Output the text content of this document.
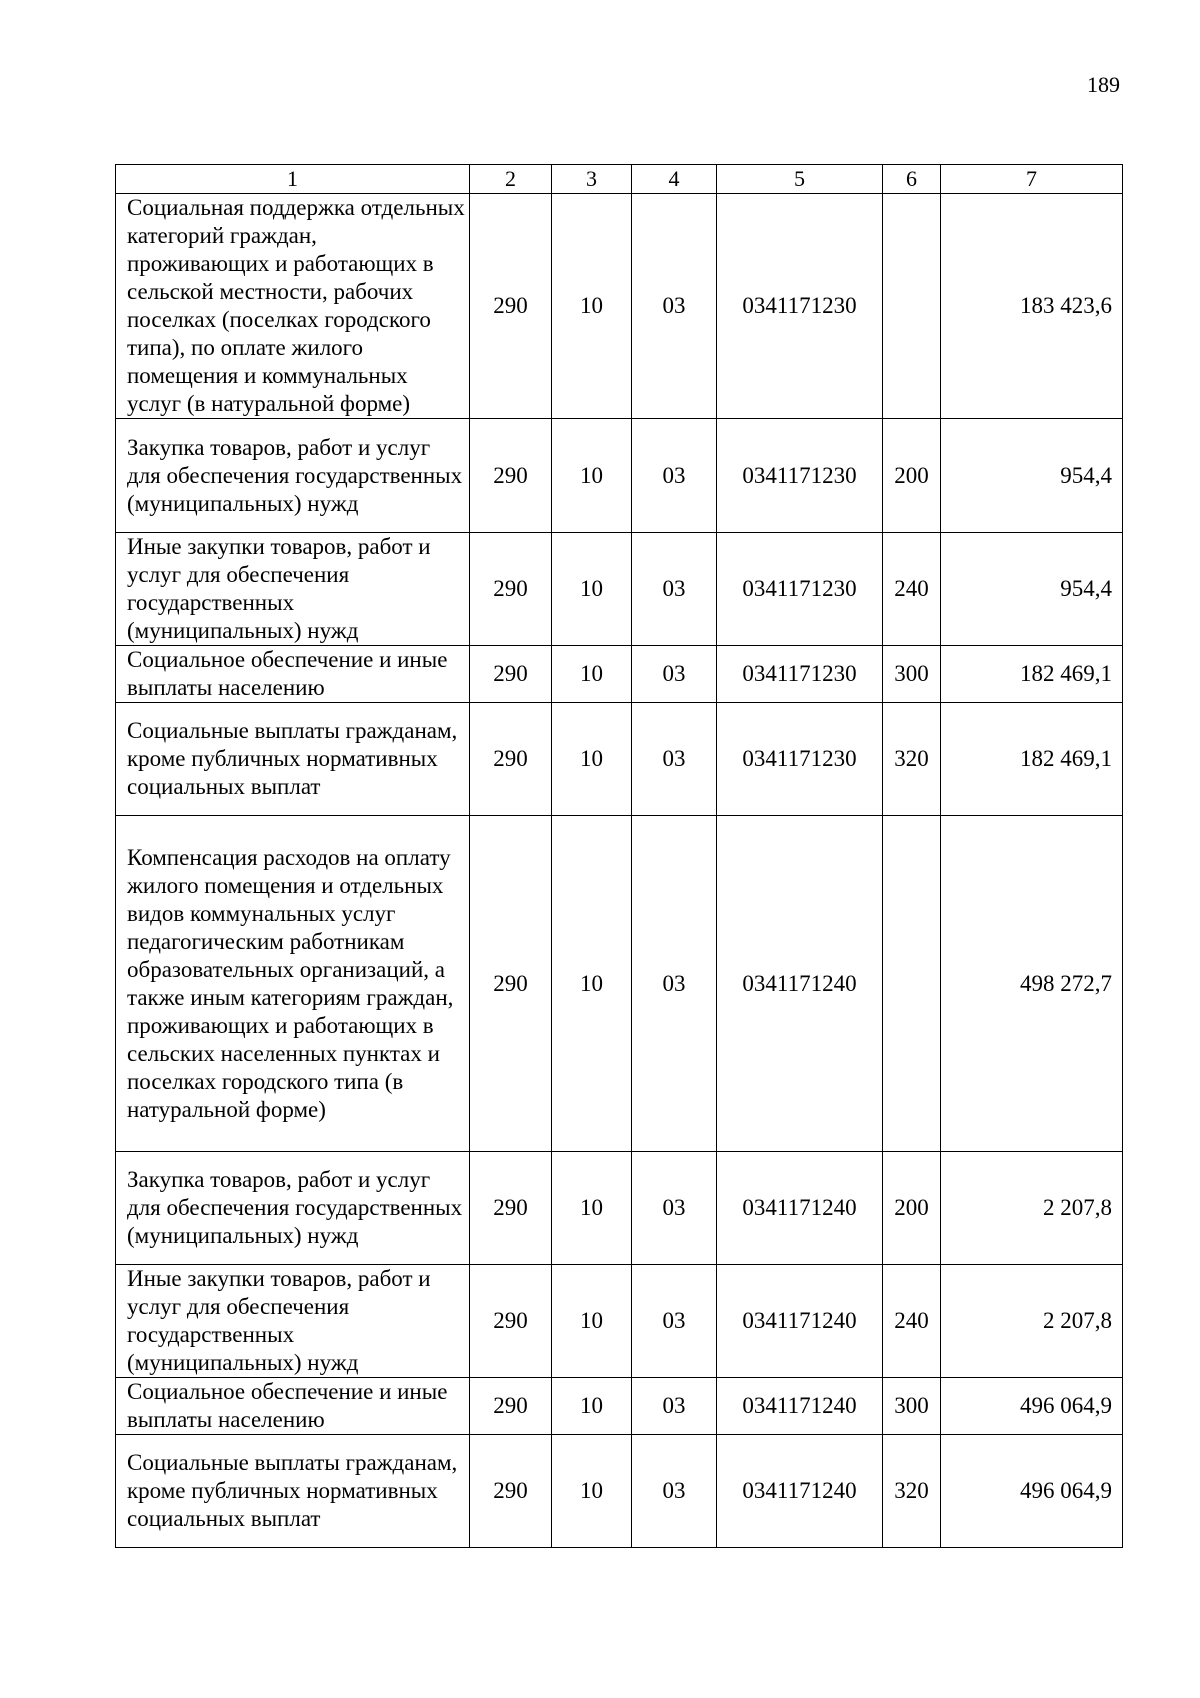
189
1	2	3	4	5	6	7
Социальная поддержка отдельных категорий граждан, проживающих и работающих в сельской местности, рабочих поселках (поселках городского типа), по оплате жилого помещения и коммунальных услуг (в натуральной форме)	290	10	03	0341171230		183 423,6
Закупка товаров, работ и услуг для обеспечения государственных (муниципальных) нужд	290	10	03	0341171230	200	954,4
Иные закупки товаров, работ и услуг для обеспечения государственных (муниципальных) нужд	290	10	03	0341171230	240	954,4
Социальное обеспечение и иные выплаты населению	290	10	03	0341171230	300	182 469,1
Социальные выплаты гражданам, кроме публичных нормативных социальных выплат	290	10	03	0341171230	320	182 469,1
Компенсация расходов на оплату жилого помещения и отдельных видов коммунальных услуг педагогическим работникам образовательных организаций, а также иным категориям граждан, проживающих и работающих в сельских населенных пунктах и поселках городского типа (в натуральной форме)	290	10	03	0341171240		498 272,7
Закупка товаров, работ и услуг для обеспечения государственных (муниципальных) нужд	290	10	03	0341171240	200	2 207,8
Иные закупки товаров, работ и услуг для обеспечения государственных (муниципальных) нужд	290	10	03	0341171240	240	2 207,8
Социальное обеспечение и иные выплаты населению	290	10	03	0341171240	300	496 064,9
Социальные выплаты гражданам, кроме публичных нормативных социальных выплат	290	10	03	0341171240	320	496 064,9
